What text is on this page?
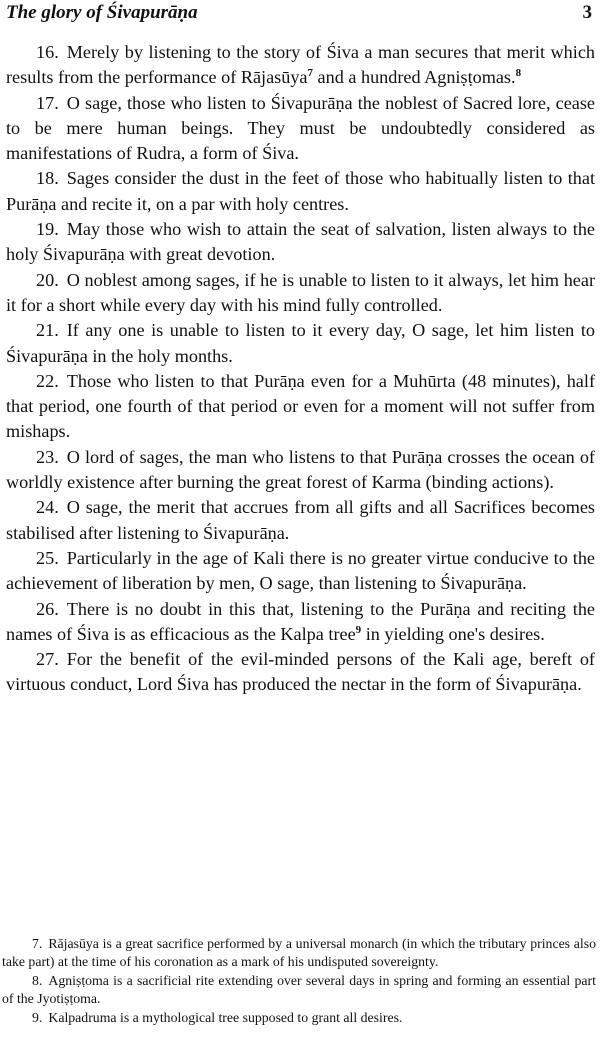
The glory of Śivapurāṇa	3

16. Merely by listening to the story of Śiva a man secures that merit which results from the performance of Rājasūya$^7$ and a hundred Agniṣṭomas.$^8$

17. O sage, those who listen to Śivapurāṇa the noblest of Sacred lore, cease to be mere human beings. They must be undoubtedly considered as manifestations of Rudra, a form of Śiva.

18. Sages consider the dust in the feet of those who habitually listen to that Purāṇa and recite it, on a par with holy centres.

19. May those who wish to attain the seat of salvation, listen always to the holy Śivapurāṇa with great devotion.

20. O noblest among sages, if he is unable to listen to it always, let him hear it for a short while every day with his mind fully controlled.

21. If any one is unable to listen to it every day, O sage, let him listen to Śivapurāṇa in the holy months.

22. Those who listen to that Purāṇa even for a Muhūrta (48 minutes), half that period, one fourth of that period or even for a moment will not suffer from mishaps.

23. O lord of sages, the man who listens to that Purāṇa crosses the ocean of worldly existence after burning the great forest of Karma (binding actions).

24. O sage, the merit that accrues from all gifts and all Sacrifices becomes stabilised after listening to Śivapurāṇa.

25. Particularly in the age of Kali there is no greater virtue conducive to the achievement of liberation by men, O sage, than listening to Śivapurāṇa.

26. There is no doubt in this that, listening to the Purāṇa and reciting the names of Śiva is as efficacious as the Kalpa tree$^9$ in yielding one's desires.

27. For the benefit of the evil-minded persons of the Kali age, bereft of virtuous conduct, Lord Śiva has produced the nectar in the form of Śivapurāṇa.

7. Rājasūya is a great sacrifice performed by a universal monarch (in which the tributary princes also take part) at the time of his coronation as a mark of his undisputed sovereignty.

8. Agniṣṭoma is a sacrificial rite extending over several days in spring and forming an essential part of the Jyotiṣṭoma.

9. Kalpadruma is a mythological tree supposed to grant all desires.
